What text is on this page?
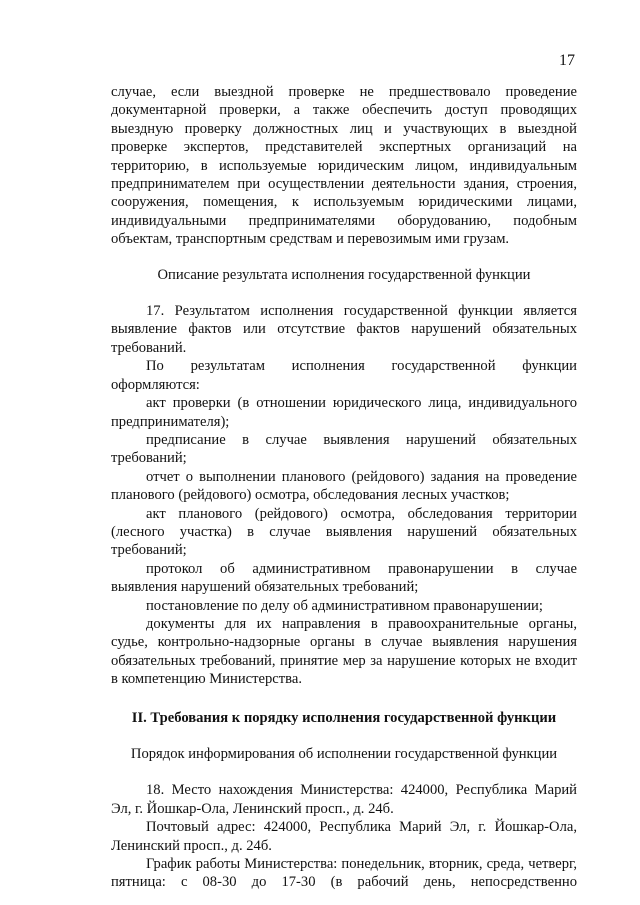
17

случае, если выездной проверке не предшествовало проведение документарной проверки, а также обеспечить доступ проводящих выездную проверку должностных лиц и участвующих в выездной проверке экспертов, представителей экспертных организаций на территорию, в используемые юридическим лицом, индивидуальным предпринимателем при осуществлении деятельности здания, строения, сооружения, помещения, к используемым юридическими лицами, индивидуальными предпринимателями оборудованию, подобным объектам, транспортным средствам и перевозимым ими грузам.

Описание результата исполнения государственной функции

17. Результатом исполнения государственной функции является выявление фактов или отсутствие фактов нарушений обязательных требований.

По результатам исполнения государственной функции оформляются:

акт проверки (в отношении юридического лица, индивидуального предпринимателя);

предписание в случае выявления нарушений обязательных требований;

отчет о выполнении планового (рейдового) задания на проведение планового (рейдового) осмотра, обследования лесных участков;

акт планового (рейдового) осмотра, обследования территории (лесного участка) в случае выявления нарушений обязательных требований;

протокол об административном правонарушении в случае выявления нарушений обязательных требований;

постановление по делу об административном правонарушении;

документы для их направления в правоохранительные органы, судье, контрольно-надзорные органы в случае выявления нарушения обязательных требований, принятие мер за нарушение которых не входит в компетенцию Министерства.

II. Требования к порядку исполнения государственной функции

Порядок информирования об исполнении государственной функции

18. Место нахождения Министерства: 424000, Республика Марий Эл, г. Йошкар-Ола, Ленинский просп., д. 24б.

Почтовый адрес: 424000, Республика Марий Эл, г. Йошкар-Ола, Ленинский просп., д. 24б.

График работы Министерства: понедельник, вторник, среда, четверг, пятница: с 08-30 до 17-30 (в рабочий день, непосредственно
